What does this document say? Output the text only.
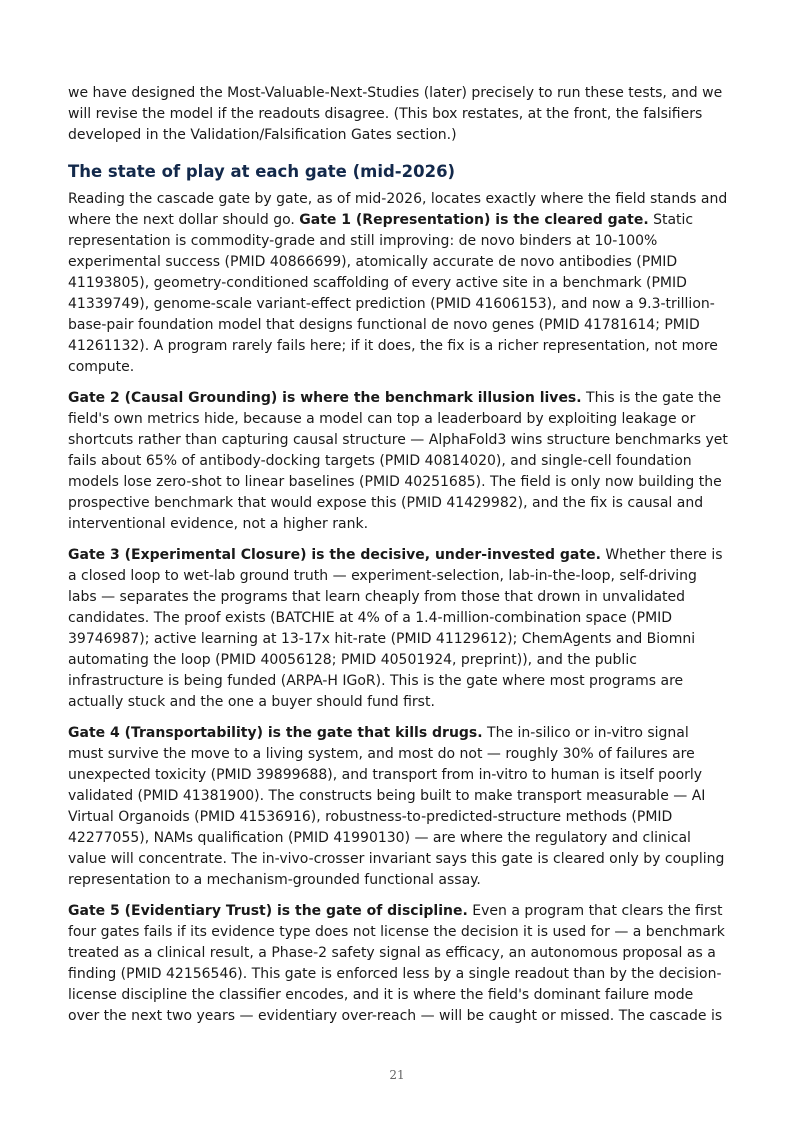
we have designed the Most-Valuable-Next-Studies (later) precisely to run these tests, and we will revise the model if the readouts disagree. (This box restates, at the front, the falsifiers developed in the Validation/Falsification Gates section.)

The state of play at each gate (mid-2026)

Reading the cascade gate by gate, as of mid-2026, locates exactly where the field stands and where the next dollar should go. Gate 1 (Representation) is the cleared gate. Static representation is commodity-grade and still improving: de novo binders at 10-100% experimental success (PMID 40866699), atomically accurate de novo antibodies (PMID 41193805), geometry-conditioned scaffolding of every active site in a benchmark (PMID 41339749), genome-scale variant-effect prediction (PMID 41606153), and now a 9.3-trillion-base-pair foundation model that designs functional de novo genes (PMID 41781614; PMID 41261132). A program rarely fails here; if it does, the fix is a richer representation, not more compute.

Gate 2 (Causal Grounding) is where the benchmark illusion lives. This is the gate the field's own metrics hide, because a model can top a leaderboard by exploiting leakage or shortcuts rather than capturing causal structure — AlphaFold3 wins structure benchmarks yet fails about 65% of antibody-docking targets (PMID 40814020), and single-cell foundation models lose zero-shot to linear baselines (PMID 40251685). The field is only now building the prospective benchmark that would expose this (PMID 41429982), and the fix is causal and interventional evidence, not a higher rank.

Gate 3 (Experimental Closure) is the decisive, under-invested gate. Whether there is a closed loop to wet-lab ground truth — experiment-selection, lab-in-the-loop, self-driving labs — separates the programs that learn cheaply from those that drown in unvalidated candidates. The proof exists (BATCHIE at 4% of a 1.4-million-combination space (PMID 39746987); active learning at 13-17x hit-rate (PMID 41129612); ChemAgents and Biomni automating the loop (PMID 40056128; PMID 40501924, preprint)), and the public infrastructure is being funded (ARPA-H IGoR). This is the gate where most programs are actually stuck and the one a buyer should fund first.

Gate 4 (Transportability) is the gate that kills drugs. The in-silico or in-vitro signal must survive the move to a living system, and most do not — roughly 30% of failures are unexpected toxicity (PMID 39899688), and transport from in-vitro to human is itself poorly validated (PMID 41381900). The constructs being built to make transport measurable — AI Virtual Organoids (PMID 41536916), robustness-to-predicted-structure methods (PMID 42277055), NAMs qualification (PMID 41990130) — are where the regulatory and clinical value will concentrate. The in-vivo-crosser invariant says this gate is cleared only by coupling representation to a mechanism-grounded functional assay.

Gate 5 (Evidentiary Trust) is the gate of discipline. Even a program that clears the first four gates fails if its evidence type does not license the decision it is used for — a benchmark treated as a clinical result, a Phase-2 safety signal as efficacy, an autonomous proposal as a finding (PMID 42156546). This gate is enforced less by a single readout than by the decision-license discipline the classifier encodes, and it is where the field's dominant failure mode over the next two years — evidentiary over-reach — will be caught or missed. The cascade is

21
